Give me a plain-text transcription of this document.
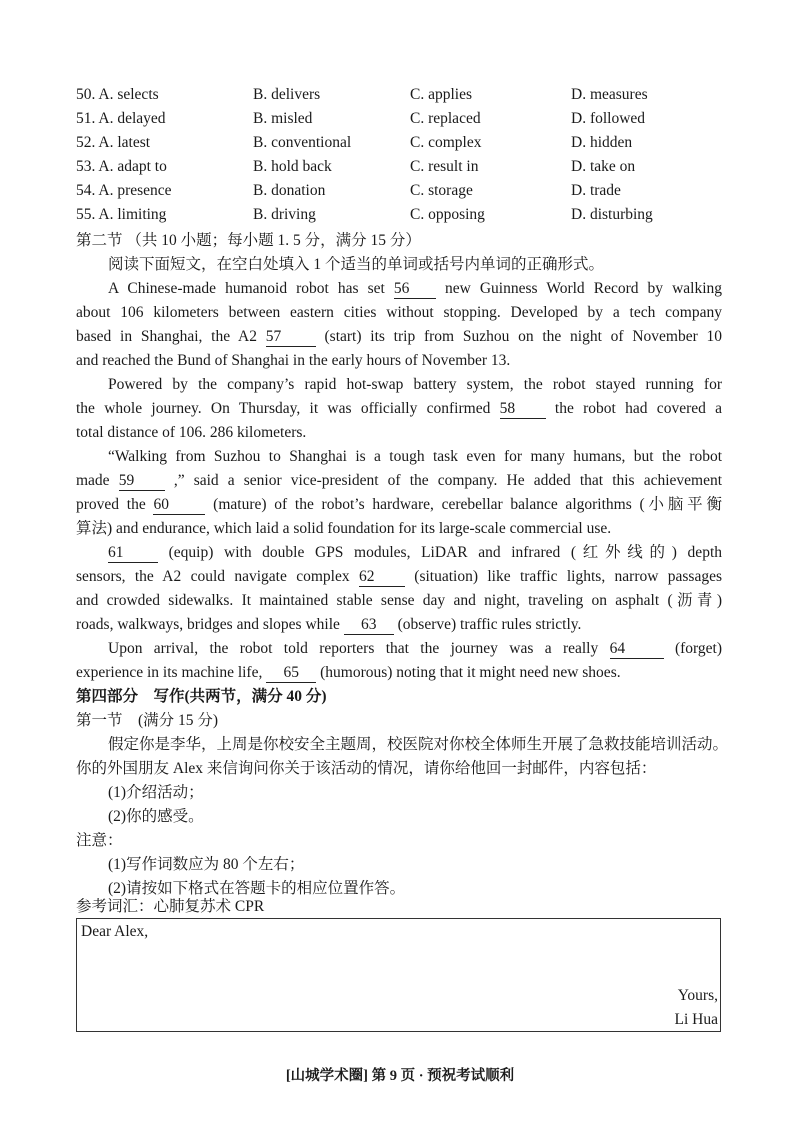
50. A. selects	B. delivers	C. applies	D. measures
51. A. delayed	B. misled	C. replaced	D. followed
52. A. latest	B. conventional	C. complex	D. hidden
53. A. adapt to	B. hold back	C. result in	D. take on
54. A. presence	B. donation	C. storage	D. trade
55. A. limiting	B. driving	C. opposing	D. disturbing
第二节 （共 10 小题；每小题 1. 5 分，满分 15 分）
阅读下面短文，在空白处填入 1 个适当的单词或括号内单词的正确形式。
A Chinese-made humanoid robot has set 56 new Guinness World Record by walking
about 106 kilometers between eastern cities without stopping. Developed by a tech company
based in Shanghai, the A2 57	(start) its trip from Suzhou on the night of November 10
and reached the Bund of Shanghai in the early hours of November 13.
Powered by the company’s rapid hot-swap battery system, the robot stayed running for
the whole journey. On Thursday, it was officially confirmed 58	the robot had covered a
total distance of 106. 286 kilometers.
“Walking from Suzhou to Shanghai is a tough task even for many humans, but the robot
made 59	,” said a senior vice-president of the company. He added that this achievement
proved the 60	(mature) of the robot’s hardware, cerebellar balance algorithms (小脑平衡
算法) and endurance, which laid a solid foundation for its large-scale commercial use.
61	(equip) with double GPS modules, LiDAR and infrared (红外线的) depth
sensors, the A2 could navigate complex 62	(situation) like traffic lights, narrow passages
and crowded sidewalks. It maintained stable sense day and night, traveling on asphalt (沥青)
roads, walkways, bridges and slopes while 63 (observe) traffic rules strictly.
Upon arrival, the robot told reporters that the journey was a really 64	(forget)
experience in its machine life, 65 (humorous) noting that it might need new shoes.
第四部分　写作(共两节，满分 40 分)
第一节　(满分 15 分)
假定你是李华，上周是你校安全主题周，校医院对你校全体师生开展了急救技能培训活动。
你的外国朋友 Alex 来信询问你关于该活动的情况，请你给他回一封邮件，内容包括：
(1)介绍活动；
(2)你的感受。
注意：
(1)写作词数应为 80 个左右；
(2)请按如下格式在答题卡的相应位置作答。
参考词汇：心肺复苏术 CPR
Dear Alex,
Yours,
Li Hua
[山城学术圈] 第 9 页 · 预祝考试顺利
